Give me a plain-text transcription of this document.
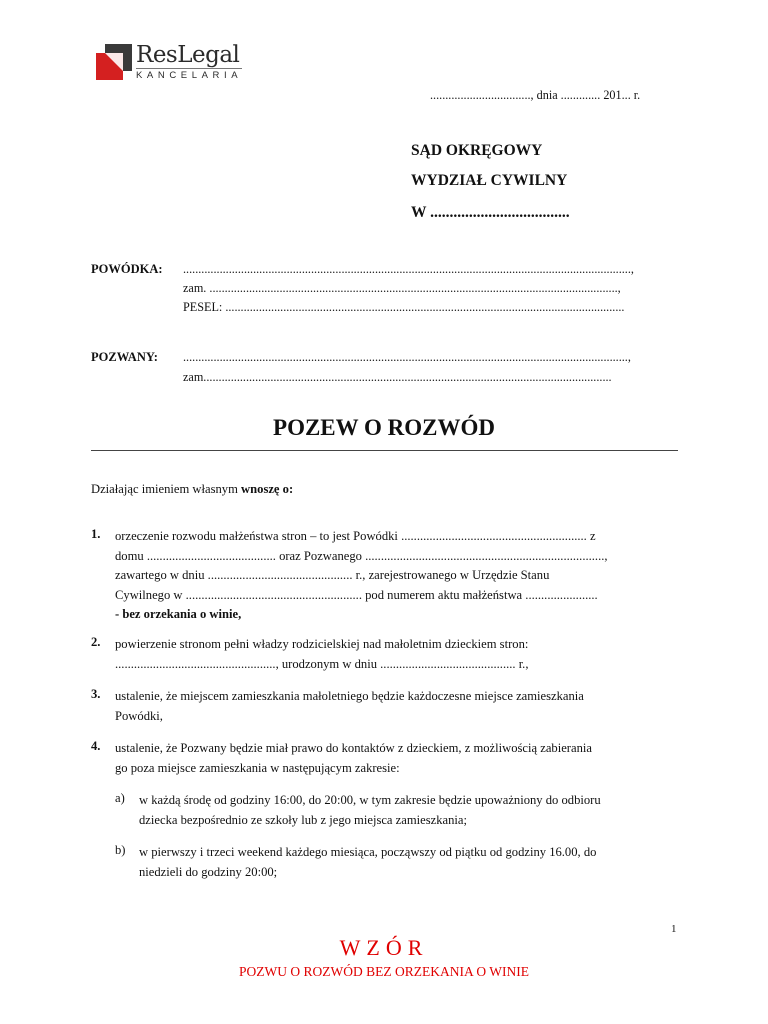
ResLegal
KANCELARIA
................................., dnia ............. 201... r.
SĄD OKRĘGOWY
WYDZIAŁ CYWILNY
W ....................................
POWÓDKA: ...................................................................................................................................................,
zam. ......................................................................................................................................,
PESEL: ...................................................................................................................................
POZWANY: ..................................................................................................................................................,
zam......................................................................................................................................
POZEW O ROZWÓD
Działając imieniem własnym wnoszę o:
1. orzeczenie rozwodu małżeństwa stron – to jest Powódki ........................................................... z
domu ......................................... oraz Pozwanego ............................................................................,
zawartego w dniu .............................................. r., zarejestrowanego w Urzędzie Stanu
Cywilnego w ........................................................ pod numerem aktu małżeństwa .......................
- bez orzekania o winie,
2. powierzenie stronom pełni władzy rodzicielskiej nad małoletnim dzieckiem stron:
..................................................., urodzonym w dniu ........................................... r.,
3. ustalenie, że miejscem zamieszkania małoletniego będzie każdoczesne miejsce zamieszkania
Powódki,
4. ustalenie, że Pozwany będzie miał prawo do kontaktów z dzieckiem, z możliwością zabierania
go poza miejsce zamieszkania w następującym zakresie:
a) w każdą środę od godziny 16:00, do 20:00, w tym zakresie będzie upoważniony do odbioru
dziecka bezpośrednio ze szkoły lub z jego miejsca zamieszkania;
b) w pierwszy i trzeci weekend każdego miesiąca, począwszy od piątku od godziny 16.00, do
niedzieli do godziny 20:00;
1
WZÓR
POZWU O ROZWÓD BEZ ORZEKANIA O WINIE
